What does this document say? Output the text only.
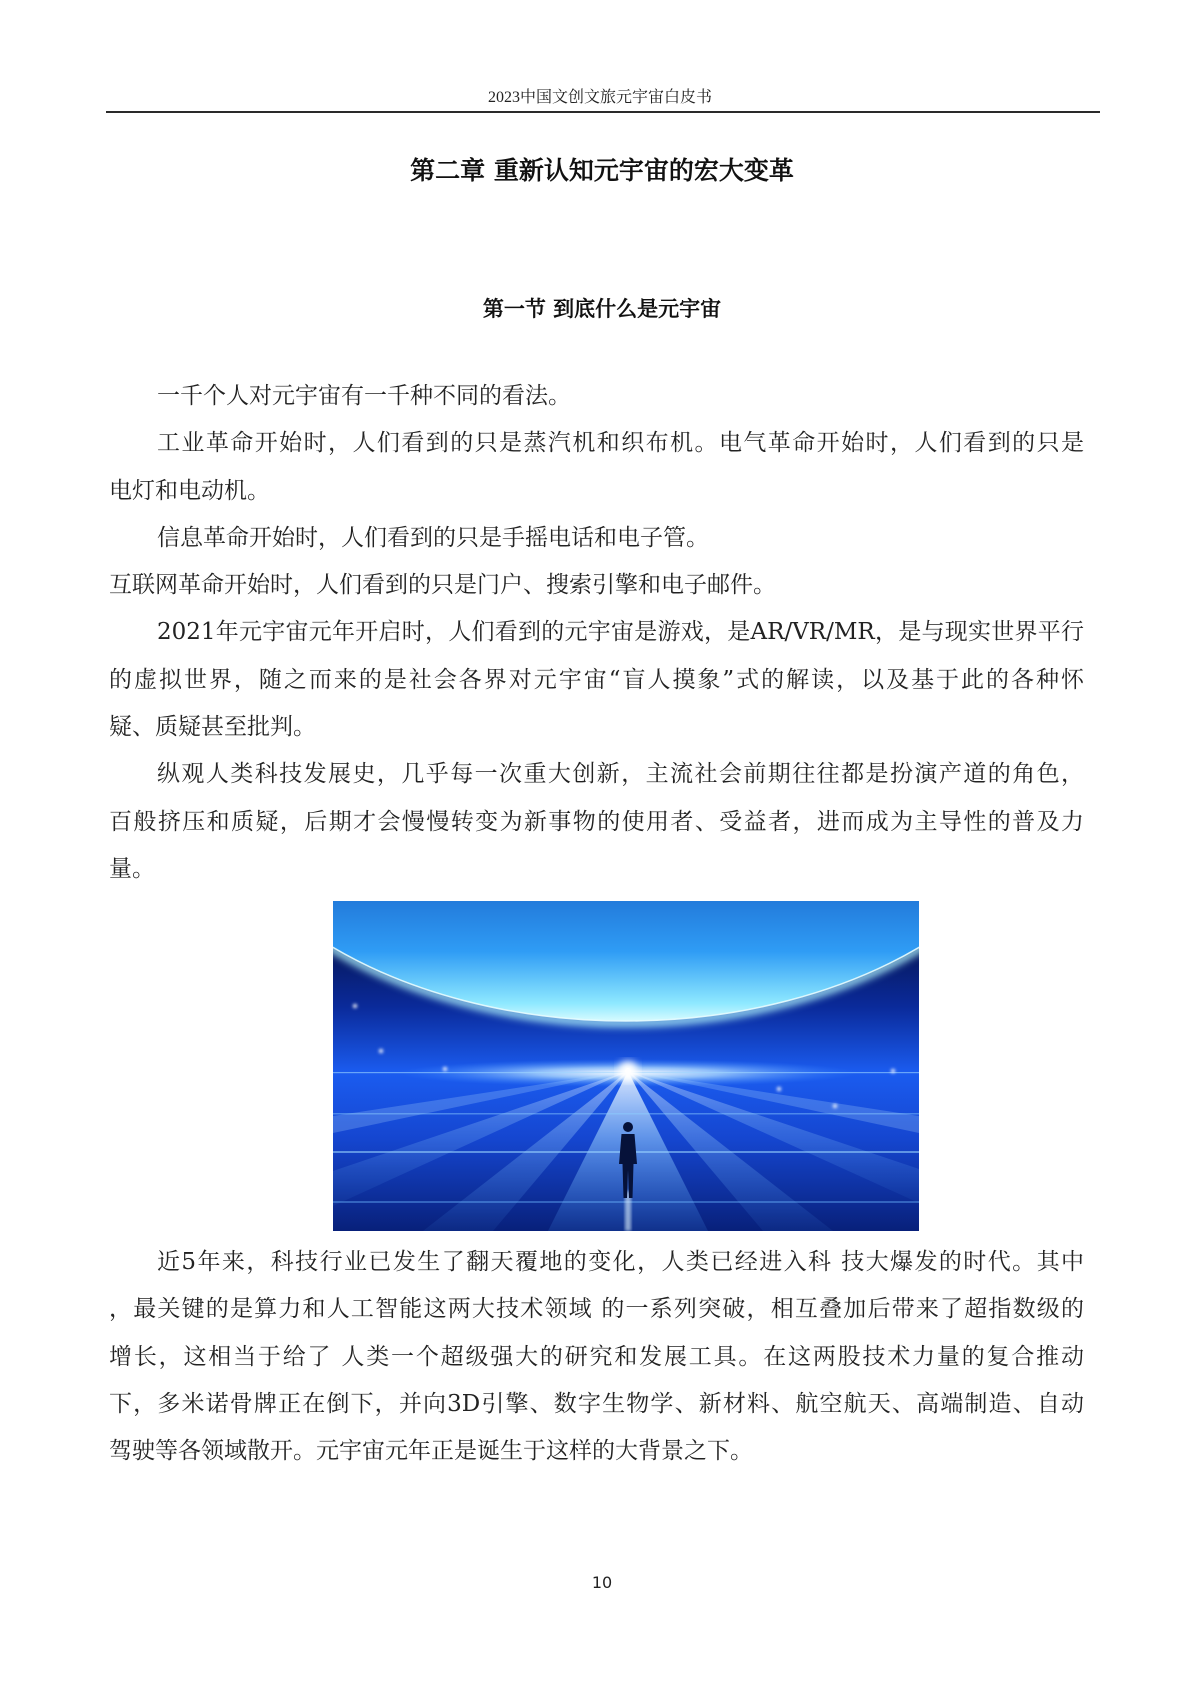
2023中国文创文旅元宇宙白皮书
第二章 重新认知元宇宙的宏大变革
第一节 到底什么是元宇宙
一千个人对元宇宙有一千种不同的看法。
工业革命开始时，人们看到的只是蒸汽机和织布机。电气革命开始时，人们看到的只是
电灯和电动机。
信息革命开始时，人们看到的只是手摇电话和电子管。
互联网革命开始时，人们看到的只是门户、搜索引擎和电子邮件。
2021年元宇宙元年开启时，人们看到的元宇宙是游戏，是AR/VR/MR，是与现实世界平行
的虚拟世界，随之而来的是社会各界对元宇宙“盲人摸象”式的解读，以及基于此的各种怀
疑、质疑甚至批判。
纵观人类科技发展史，几乎每一次重大创新，主流社会前期往往都是扮演产道的角色，
百般挤压和质疑，后期才会慢慢转变为新事物的使用者、受益者，进而成为主导性的普及力
量。
近5年来，科技行业已发生了翻天覆地的变化，人类已经进入科 技大爆发的时代。其中
，最关键的是算力和人工智能这两大技术领域 的一系列突破，相互叠加后带来了超指数级的
增长，这相当于给了 人类一个超级强大的研究和发展工具。在这两股技术力量的复合推动
下，多米诺骨牌正在倒下，并向3D引擎、数字生物学、新材料、航空航天、高端制造、自动
驾驶等各领域散开。元宇宙元年正是诞生于这样的大背景之下。
10
